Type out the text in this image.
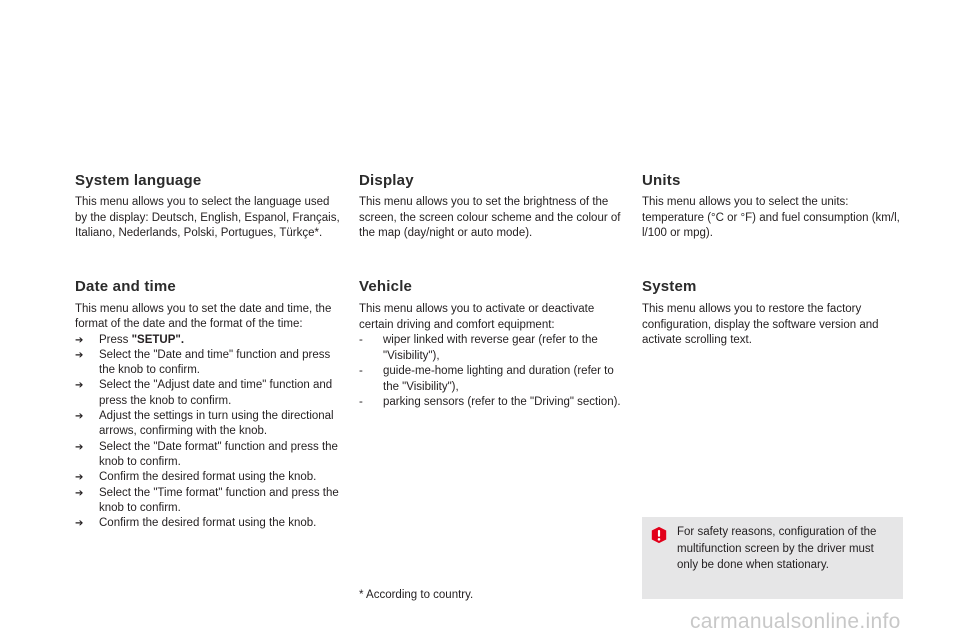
System language

This menu allows you to select the language used by the display: Deutsch, English, Espanol, Français, Italiano, Nederlands, Polski, Portugues, Türkçe*.

Date and time

This menu allows you to set the date and time, the format of the date and the format of the time:

➔ Press "SETUP".
➔ Select the "Date and time" function and press the knob to confirm.
➔ Select the "Adjust date and time" function and press the knob to confirm.
➔ Adjust the settings in turn using the directional arrows, confirming with the knob.
➔ Select the "Date format" function and press the knob to confirm.
➔ Confirm the desired format using the knob.
➔ Select the "Time format" function and press the knob to confirm.
➔ Confirm the desired format using the knob.
Display

This menu allows you to set the brightness of the screen, the screen colour scheme and the colour of the map (day/night or auto mode).

Vehicle

This menu allows you to activate or deactivate certain driving and comfort equipment:

- wiper linked with reverse gear (refer to the "Visibility"),
- guide-me-home lighting and duration (refer to the "Visibility"),
- parking sensors (refer to the "Driving" section).
Units

This menu allows you to select the units: temperature (°C or °F) and fuel consumption (km/l, l/100 or mpg).

System

This menu allows you to restore the factory configuration, display the software version and activate scrolling text.

For safety reasons, configuration of the multifunction screen by the driver must only be done when stationary.

* According to country.
carmanualsonline.info
